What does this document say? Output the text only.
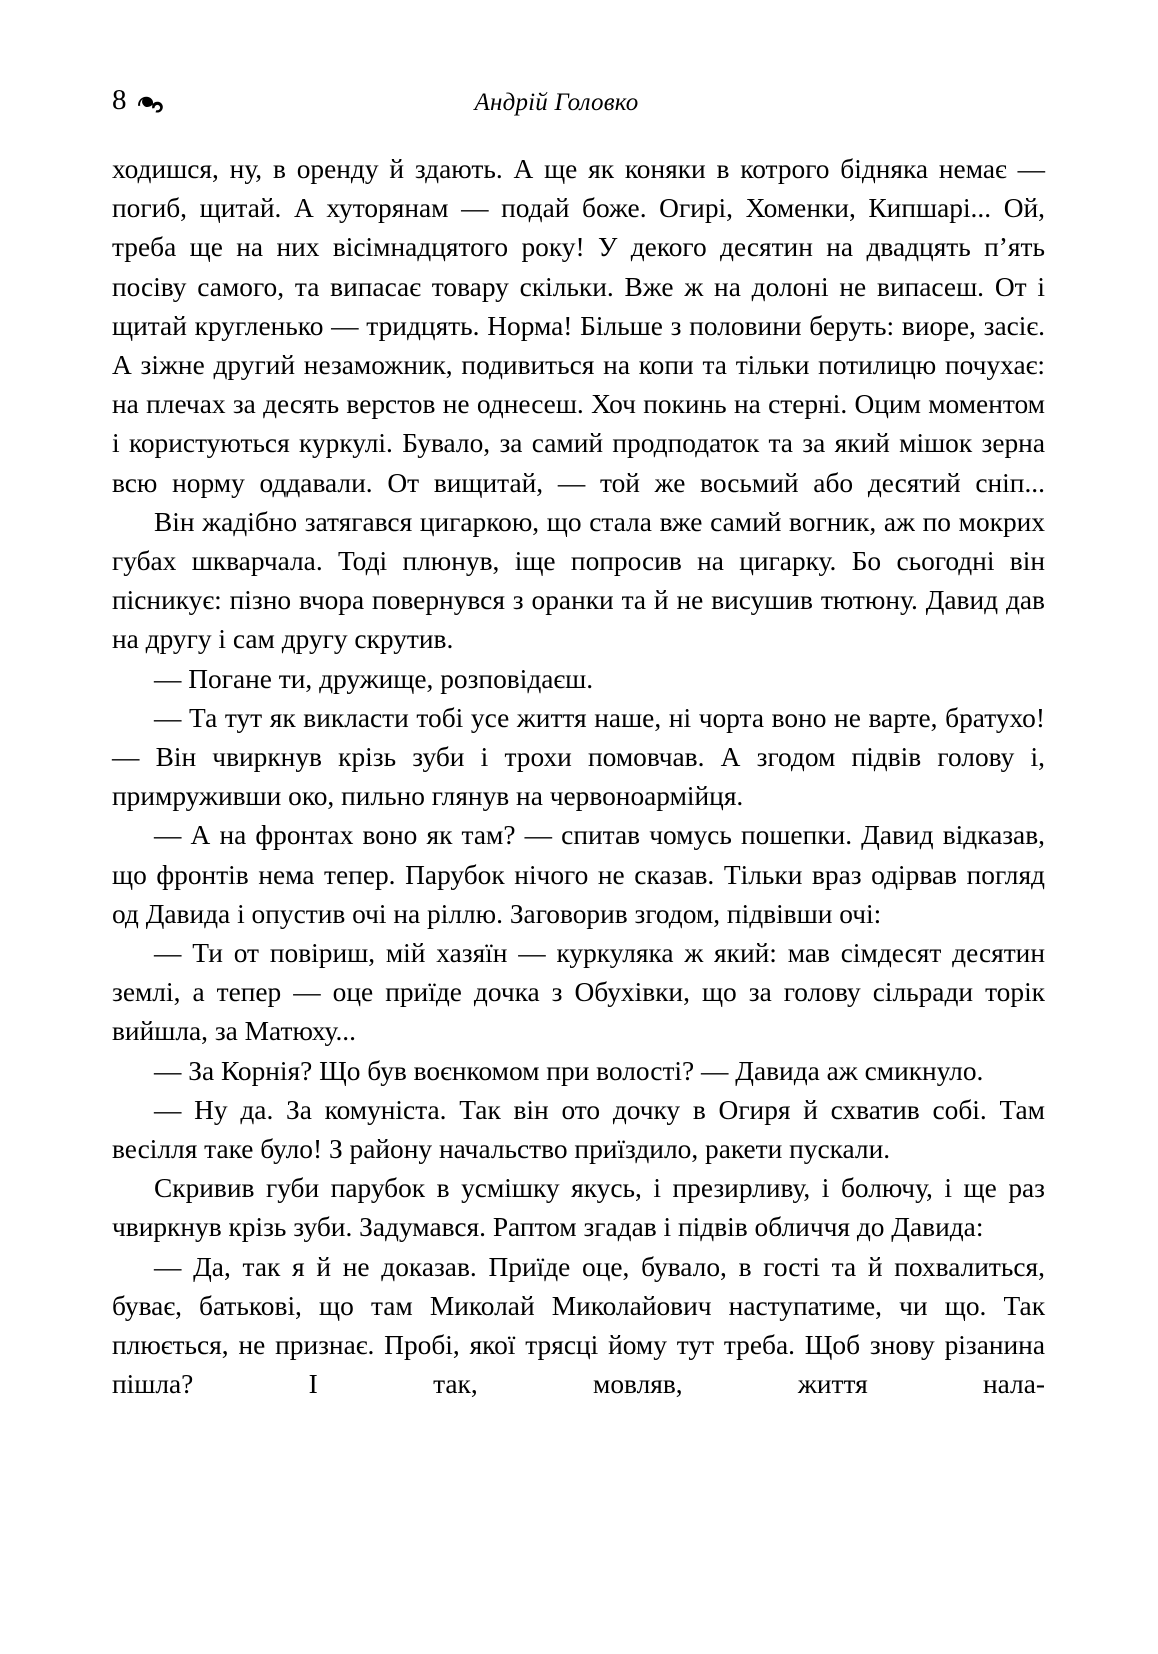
8	Андрій Головко

ходишся, ну, в оренду й здають. А ще як коняки в котрого бідняка немає — погиб, щитай. А хуторянам — подай боже. Огирі, Хоменки, Кипшарі... Ой, треба ще на них вісімнадцятого року! У декого десятин на двадцять п’ять посіву самого, та випасає товару скільки. Вже ж на долоні не випасеш. От і щитай кругленько — тридцять. Норма! Більше з половини беруть: виоре, засіє. А зіжне другий незаможник, подивиться на копи та тільки потилицю почухає: на плечах за десять верстов не однесеш. Хоч покинь на стерні. Оцим моментом і користуються куркулі. Бувало, за самий продподаток та за який мішок зерна всю норму оддавали. От вищитай, — той же восьмий або десятий сніп...

Він жадібно затягався цигаркою, що стала вже самий вогник, аж по мокрих губах шкварчала. Тоді плюнув, іще попросив на цигарку. Бо сьогодні він пісникує: пізно вчора повернувся з оранки та й не висушив тютюну. Давид дав на другу і сам другу скрутив.

— Погане ти, дружище, розповідаєш.

— Та тут як викласти тобі усе життя наше, ні чорта воно не варте, братухо! — Він чвиркнув крізь зуби і трохи помовчав. А згодом підвів голову і, примруживши око, пильно глянув на червоноармійця.

— А на фронтах воно як там? — спитав чомусь пошепки. Давид відказав, що фронтів нема тепер. Парубок нічого не сказав. Тільки враз одірвав погляд од Давида і опустив очі на ріллю. Заговорив згодом, підвівши очі:

— Ти от повіриш, мій хазяїн — куркуляка ж який: мав сімдесят десятин землі, а тепер — оце приїде дочка з Обухівки, що за голову сільради торік вийшла, за Матюху...

— За Корнія? Що був воєнкомом при волості? — Давида аж смикнуло.

— Ну да. За комуніста. Так він ото дочку в Огиря й схватив собі. Там весілля таке було! З району начальство приїздило, ракети пускали.

Скривив губи парубок в усмішку якусь, і презирливу, і болючу, і ще раз чвиркнув крізь зуби. Задумався. Раптом згадав і підвів обличчя до Давида:

— Да, так я й не доказав. Приїде оце, бувало, в гості та й похвалиться, буває, батькові, що там Миколай Миколайович наступатиме, чи що. Так плюється, не признає. Пробі, якої трясці йому тут треба. Щоб знову різанина пішла? І так, мовляв, життя нала-
